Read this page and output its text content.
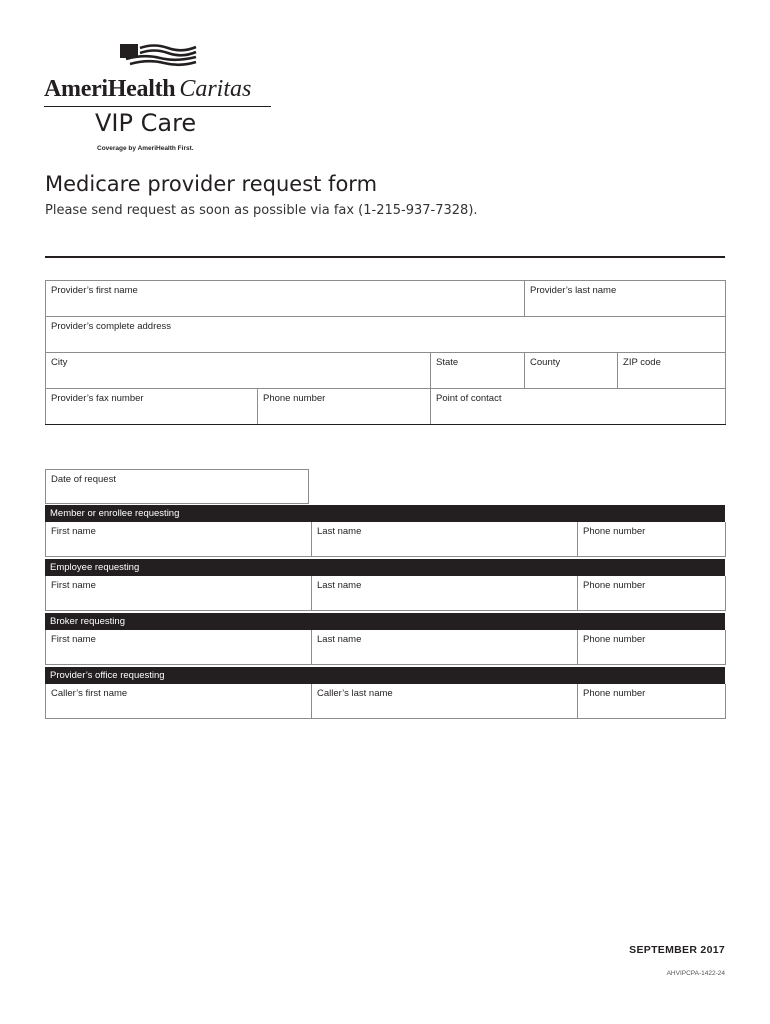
AmeriHealth Caritas
VIP Care
Coverage by AmeriHealth First.
Medicare provider request form
Please send request as soon as possible via fax (1-215-937-7328).
Provider’s first name			Provider’s last name	
Provider’s complete address				
City		State	County	ZIP code
Provider’s fax number	Phone number	Point of contact		
Date of request
Member or enrollee requesting
First name	Last name	Phone number
Employee requesting
First name	Last name	Phone number
Broker requesting
First name	Last name	Phone number
Provider’s office requesting
Caller’s first name	Caller’s last name	Phone number
SEPTEMBER 2017
AHVIPCPA-1422-24
